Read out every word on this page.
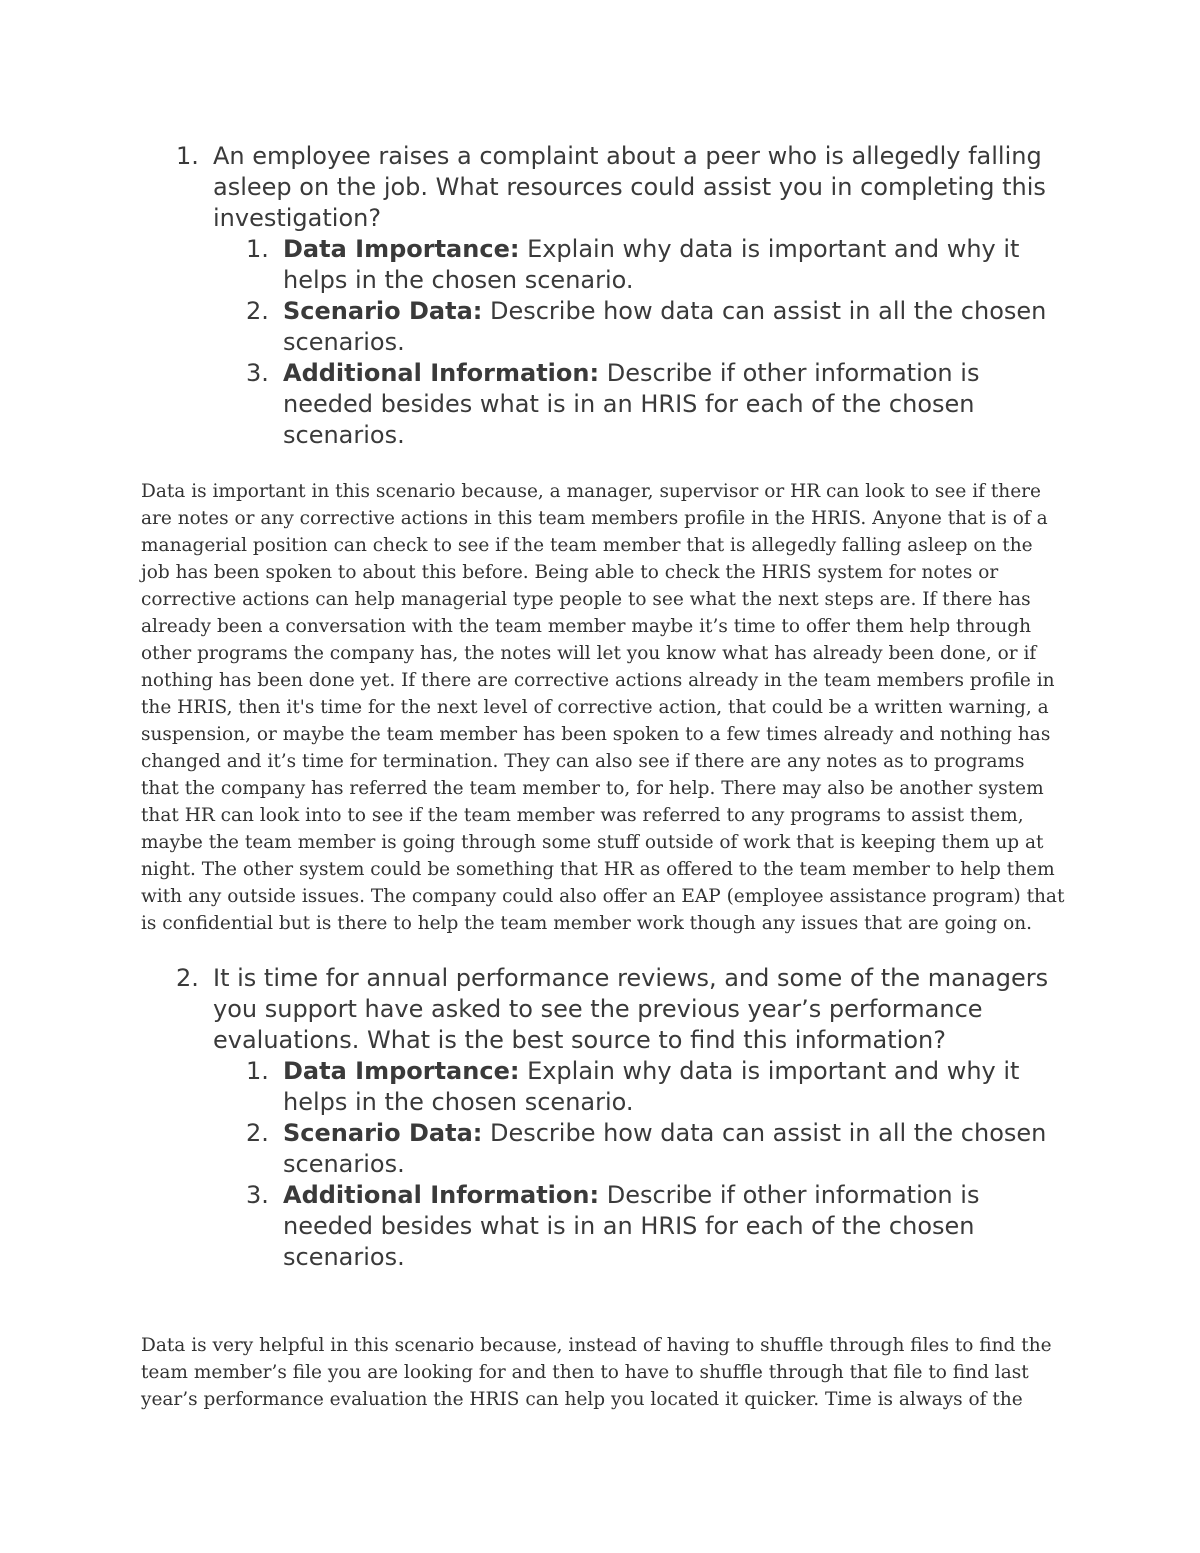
1. An employee raises a complaint about a peer who is allegedly falling asleep on the job. What resources could assist you in completing this investigation?
1. Data Importance: Explain why data is important and why it helps in the chosen scenario.
2. Scenario Data: Describe how data can assist in all the chosen scenarios.
3. Additional Information: Describe if other information is needed besides what is in an HRIS for each of the chosen scenarios.

Data is important in this scenario because, a manager, supervisor or HR can look to see if there are notes or any corrective actions in this team members profile in the HRIS. Anyone that is of a managerial position can check to see if the team member that is allegedly falling asleep on the job has been spoken to about this before. Being able to check the HRIS system for notes or corrective actions can help managerial type people to see what the next steps are. If there has already been a conversation with the team member maybe it’s time to offer them help through other programs the company has, the notes will let you know what has already been done, or if nothing has been done yet. If there are corrective actions already in the team members profile in the HRIS, then it's time for the next level of corrective action, that could be a written warning, a suspension, or maybe the team member has been spoken to a few times already and nothing has changed and it’s time for termination. They can also see if there are any notes as to programs that the company has referred the team member to, for help. There may also be another system that HR can look into to see if the team member was referred to any programs to assist them, maybe the team member is going through some stuff outside of work that is keeping them up at night. The other system could be something that HR as offered to the team member to help them with any outside issues. The company could also offer an EAP (employee assistance program) that is confidential but is there to help the team member work though any issues that are going on.

2. It is time for annual performance reviews, and some of the managers you support have asked to see the previous year’s performance evaluations. What is the best source to find this information?
1. Data Importance: Explain why data is important and why it helps in the chosen scenario.
2. Scenario Data: Describe how data can assist in all the chosen scenarios.
3. Additional Information: Describe if other information is needed besides what is in an HRIS for each of the chosen scenarios.

Data is very helpful in this scenario because, instead of having to shuffle through files to find the team member’s file you are looking for and then to have to shuffle through that file to find last year’s performance evaluation the HRIS can help you located it quicker. Time is always of the
